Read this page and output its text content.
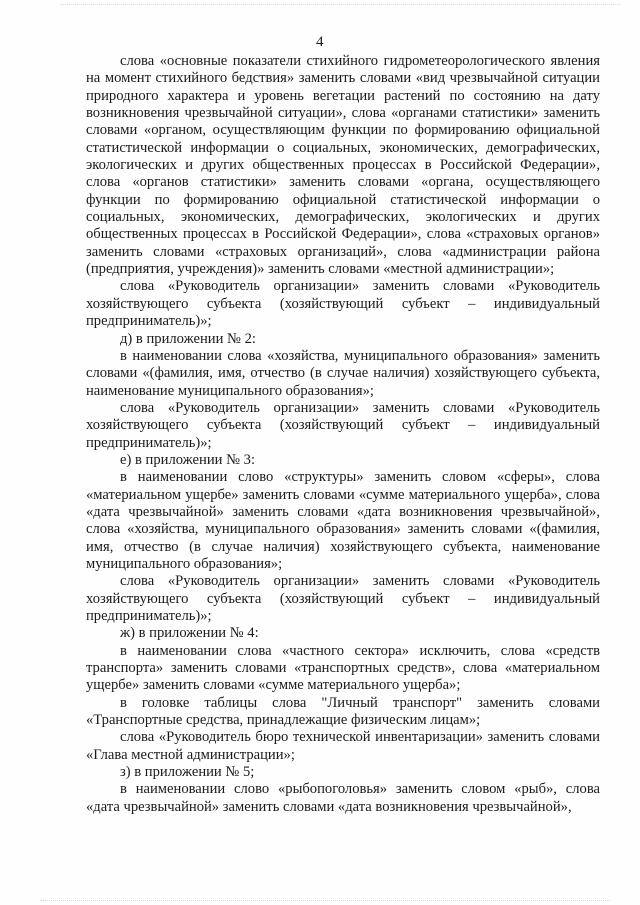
4

слова «основные показатели стихийного гидрометеорологического явления на момент стихийного бедствия» заменить словами «вид чрезвычайной ситуации природного характера и уровень вегетации растений по состоянию на дату возникновения чрезвычайной ситуации», слова «органами статистики» заменить словами «органом, осуществляющим функции по формированию официальной статистической информации о социальных, экономических, демографических, экологических и других общественных процессах в Российской Федерации», слова «органов статистики» заменить словами «органа, осуществляющего функции по формированию официальной статистической информации о социальных, экономических, демографических, экологических и других общественных процессах в Российской Федерации», слова «страховых органов» заменить словами «страховых организаций», слова «администрации района (предприятия, учреждения)» заменить словами «местной администрации»;

слова «Руководитель организации» заменить словами «Руководитель хозяйствующего субъекта (хозяйствующий субъект – индивидуальный предприниматель)»;

д) в приложении № 2:

в наименовании слова «хозяйства, муниципального образования» заменить словами «(фамилия, имя, отчество (в случае наличия) хозяйствующего субъекта, наименование муниципального образования»;

слова «Руководитель организации» заменить словами «Руководитель хозяйствующего субъекта (хозяйствующий субъект – индивидуальный предприниматель)»;

е) в приложении № 3:

в наименовании слово «структуры» заменить словом «сферы», слова «материальном ущербе» заменить словами «сумме материального ущерба», слова «дата чрезвычайной» заменить словами «дата возникновения чрезвычайной», слова «хозяйства, муниципального образования» заменить словами «(фамилия, имя, отчество (в случае наличия) хозяйствующего субъекта, наименование муниципального образования»;

слова «Руководитель организации» заменить словами «Руководитель хозяйствующего субъекта (хозяйствующий субъект – индивидуальный предприниматель)»;

ж) в приложении № 4:

в наименовании слова «частного сектора» исключить, слова «средств транспорта» заменить словами «транспортных средств», слова «материальном ущербе» заменить словами «сумме материального ущерба»;

в головке таблицы слова "Личный транспорт" заменить словами «Транспортные средства, принадлежащие физическим лицам»;

слова «Руководитель бюро технической инвентаризации» заменить словами «Глава местной администрации»;

з) в приложении № 5;

в наименовании слово «рыбопоголовья» заменить словом «рыб», слова «дата чрезвычайной» заменить словами «дата возникновения чрезвычайной»,
